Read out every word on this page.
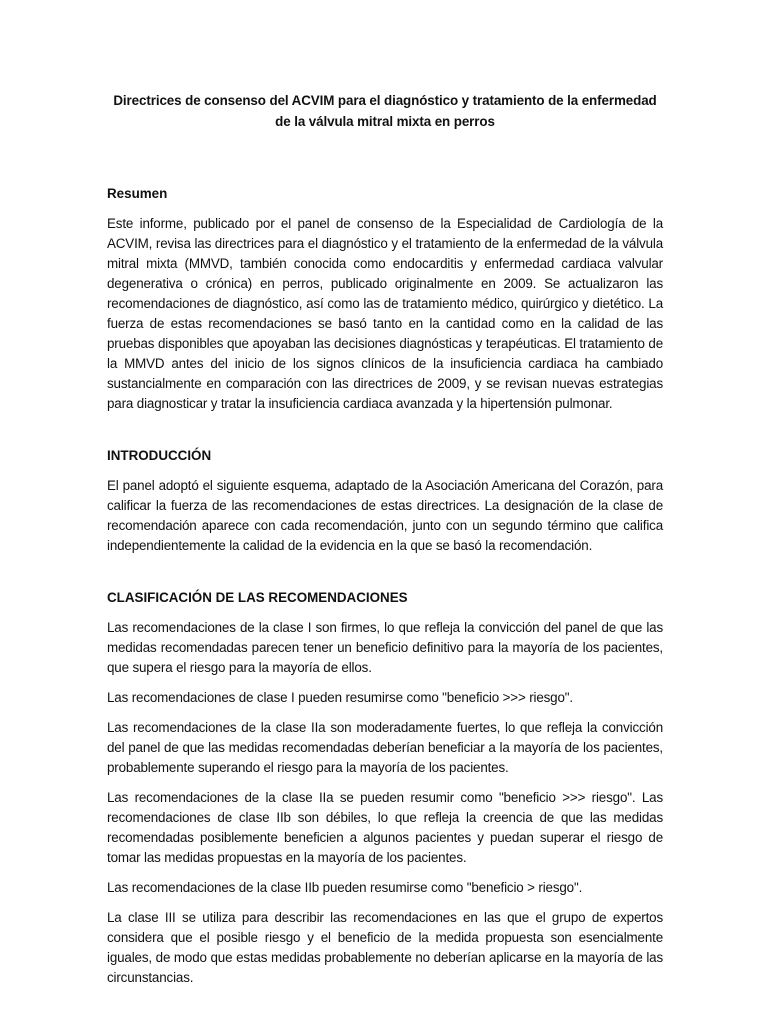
Directrices de consenso del ACVIM para el diagnóstico y tratamiento de la enfermedad de la válvula mitral mixta en perros
Resumen
Este informe, publicado por el panel de consenso de la Especialidad de Cardiología de la ACVIM, revisa las directrices para el diagnóstico y el tratamiento de la enfermedad de la válvula mitral mixta (MMVD, también conocida como endocarditis y enfermedad cardiaca valvular degenerativa o crónica) en perros, publicado originalmente en 2009. Se actualizaron las recomendaciones de diagnóstico, así como las de tratamiento médico, quirúrgico y dietético. La fuerza de estas recomendaciones se basó tanto en la cantidad como en la calidad de las pruebas disponibles que apoyaban las decisiones diagnósticas y terapéuticas. El tratamiento de la MMVD antes del inicio de los signos clínicos de la insuficiencia cardiaca ha cambiado sustancialmente en comparación con las directrices de 2009, y se revisan nuevas estrategias para diagnosticar y tratar la insuficiencia cardiaca avanzada y la hipertensión pulmonar.
INTRODUCCIÓN
El panel adoptó el siguiente esquema, adaptado de la Asociación Americana del Corazón, para calificar la fuerza de las recomendaciones de estas directrices. La designación de la clase de recomendación aparece con cada recomendación, junto con un segundo término que califica independientemente la calidad de la evidencia en la que se basó la recomendación.
CLASIFICACIÓN DE LAS RECOMENDACIONES
Las recomendaciones de la clase I son firmes, lo que refleja la convicción del panel de que las medidas recomendadas parecen tener un beneficio definitivo para la mayoría de los pacientes, que supera el riesgo para la mayoría de ellos.
Las recomendaciones de clase I pueden resumirse como "beneficio >>> riesgo".
Las recomendaciones de la clase IIa son moderadamente fuertes, lo que refleja la convicción del panel de que las medidas recomendadas deberían beneficiar a la mayoría de los pacientes, probablemente superando el riesgo para la mayoría de los pacientes.
Las recomendaciones de la clase IIa se pueden resumir como "beneficio >>> riesgo". Las recomendaciones de clase IIb son débiles, lo que refleja la creencia de que las medidas recomendadas posiblemente beneficien a algunos pacientes y puedan superar el riesgo de tomar las medidas propuestas en la mayoría de los pacientes.
Las recomendaciones de la clase IIb pueden resumirse como "beneficio > riesgo".
La clase III se utiliza para describir las recomendaciones en las que el grupo de expertos considera que el posible riesgo y el beneficio de la medida propuesta son esencialmente iguales, de modo que estas medidas probablemente no deberían aplicarse en la mayoría de las circunstancias.
